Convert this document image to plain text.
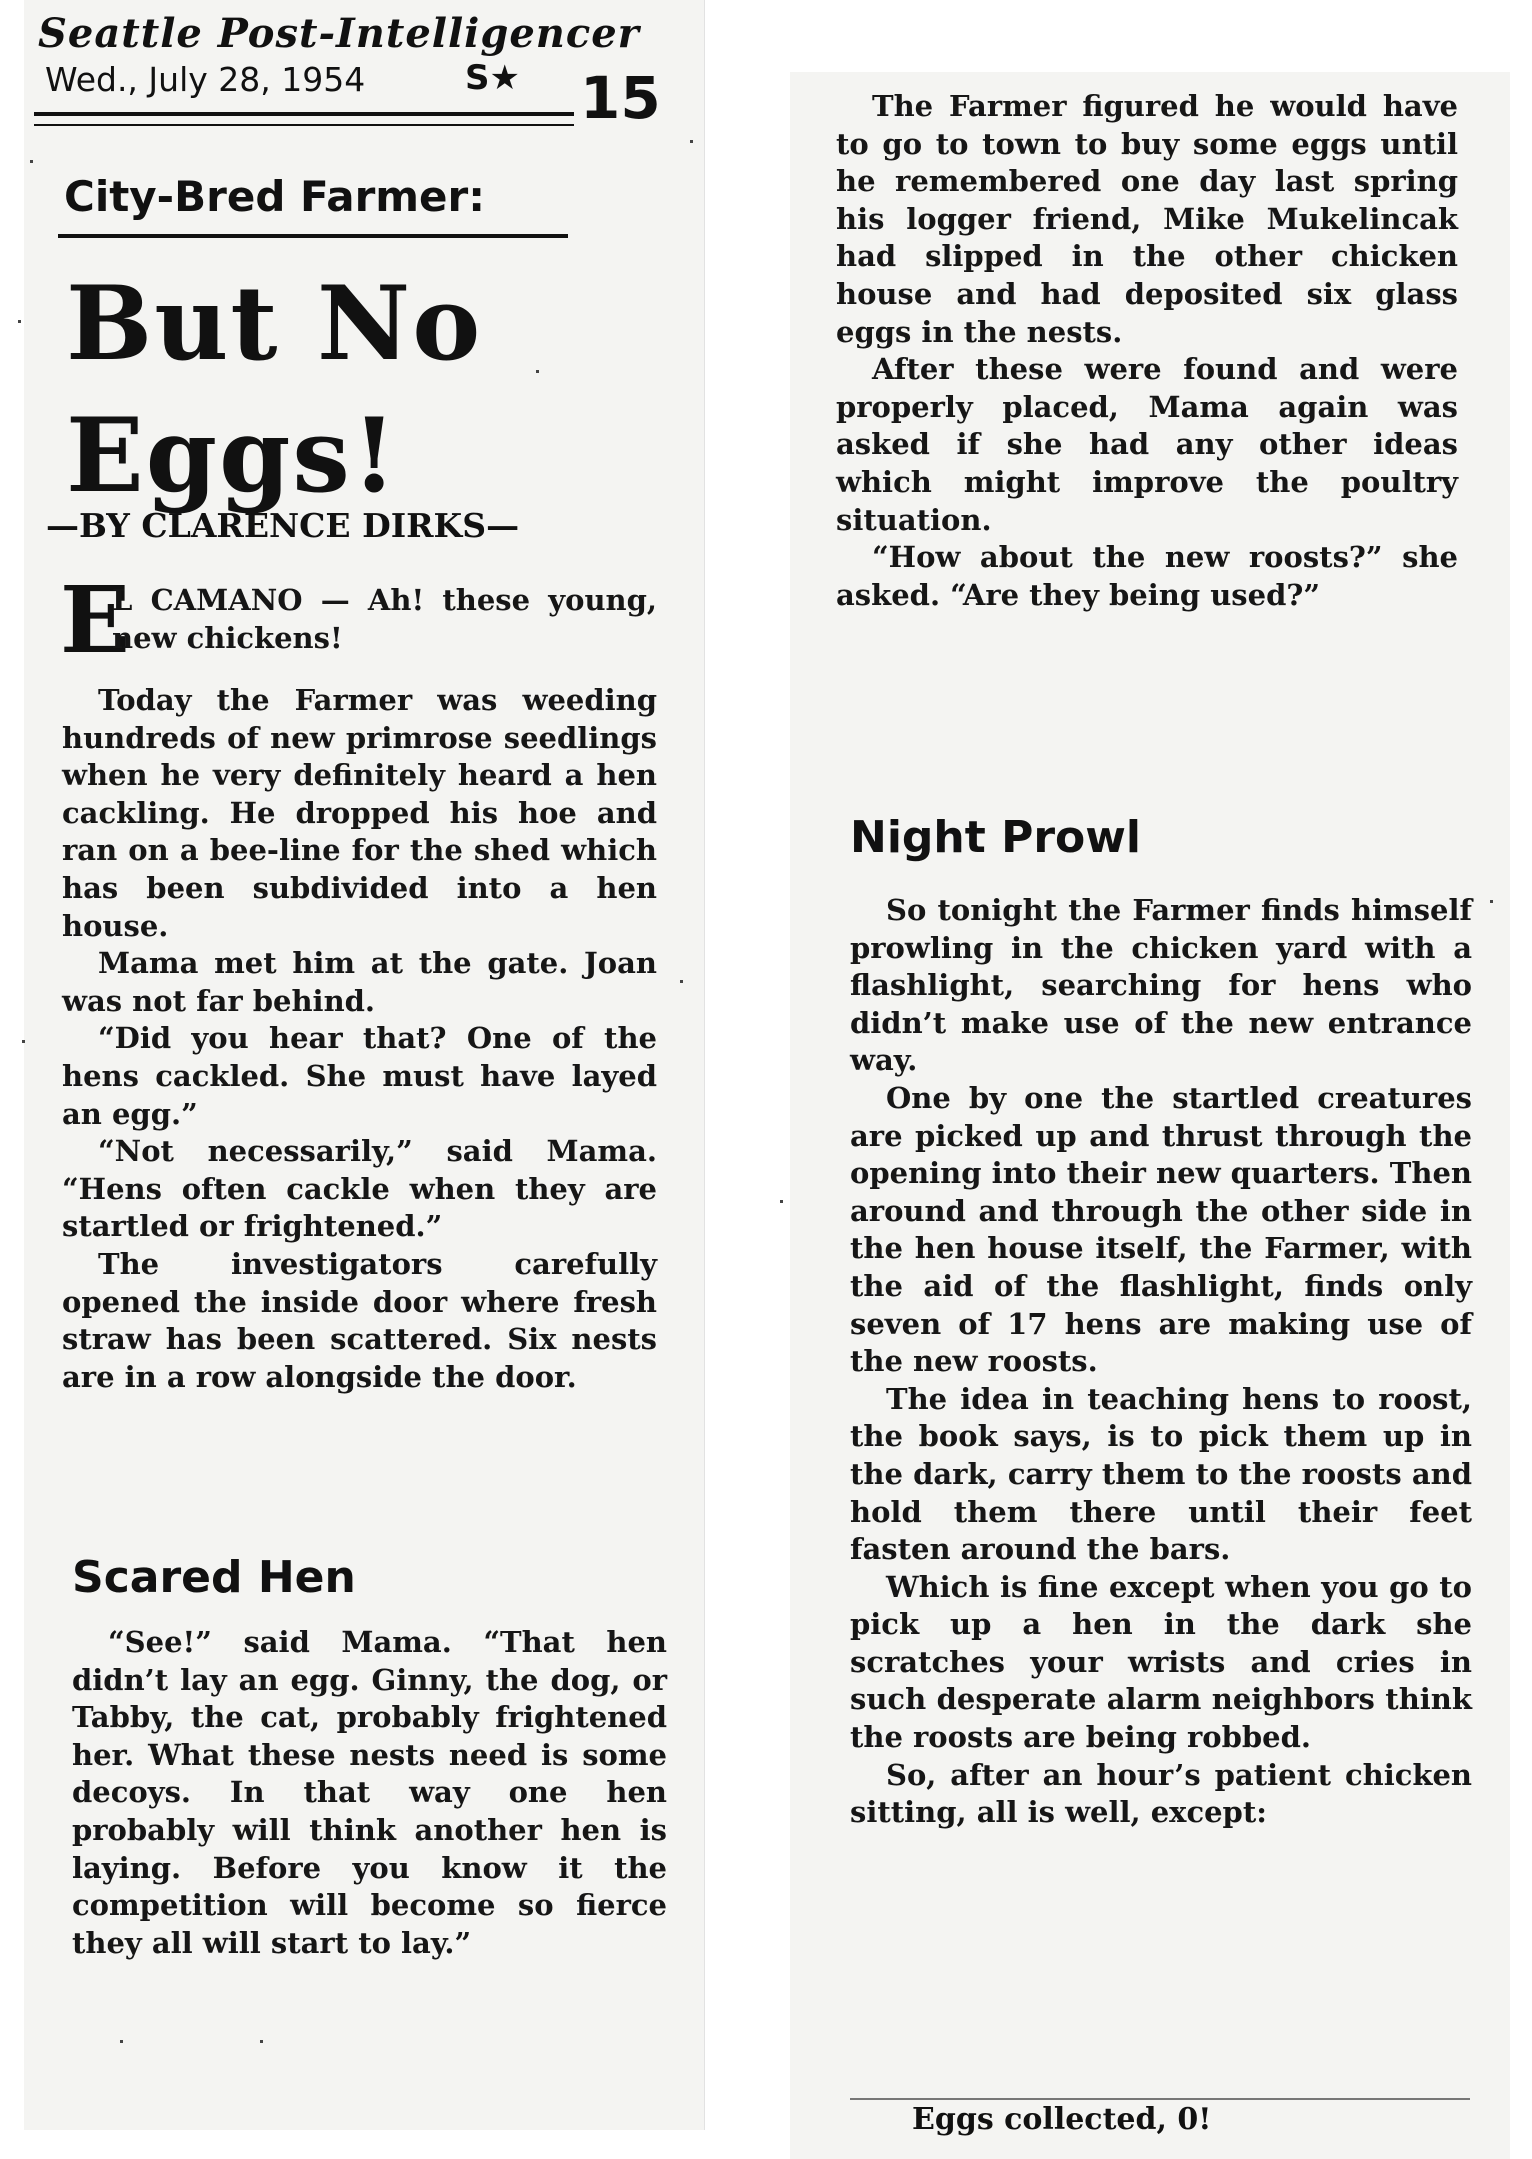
Seattle Post-Intelligencer
Wed., July 28, 1954	S★ 15
City-Bred Farmer:
But No Eggs!
—BY CLARENCE DIRKS—
E

L CAMANO — Ah! these young, new chickens!

Today the Farmer was weeding hundreds of new primrose seedlings when he very definitely heard a hen cackling. He dropped his hoe and ran on a bee-line for the shed which has been subdivided into a hen house.

Mama met him at the gate. Joan was not far behind.

“Did you hear that? One of the hens cackled. She must have layed an egg.”

“Not necessarily,” said Mama. “Hens often cackle when they are startled or frightened.”

The investigators carefully opened the inside door where fresh straw has been scattered. Six nests are in a row alongside the door.

Scared Hen

“See!” said Mama. “That hen didn’t lay an egg. Ginny, the dog, or Tabby, the cat, probably frightened her. What these nests need is some decoys. In that way one hen probably will think another hen is laying. Before you know it the competition will become so fierce they all will start to lay.”

The Farmer figured he would have to go to town to buy some eggs until he remembered one day last spring his logger friend, Mike Mukelincak had slipped in the other chicken house and had deposited six glass eggs in the nests.

After these were found and were properly placed, Mama again was asked if she had any other ideas which might improve the poultry situation.

“How about the new roosts?” she asked. “Are they being used?”

Night Prowl

So tonight the Farmer finds himself prowling in the chicken yard with a flashlight, searching for hens who didn’t make use of the new entrance way.

One by one the startled creatures are picked up and thrust through the opening into their new quarters. Then around and through the other side in the hen house itself, the Farmer, with the aid of the flashlight, finds only seven of 17 hens are making use of the new roosts.

The idea in teaching hens to roost, the book says, is to pick them up in the dark, carry them to the roosts and hold them there until their feet fasten around the bars.

Which is fine except when you go to pick up a hen in the dark she scratches your wrists and cries in such desperate alarm neighbors think the roosts are being robbed.

So, after an hour’s patient chicken sitting, all is well, except:

Eggs collected, 0!
